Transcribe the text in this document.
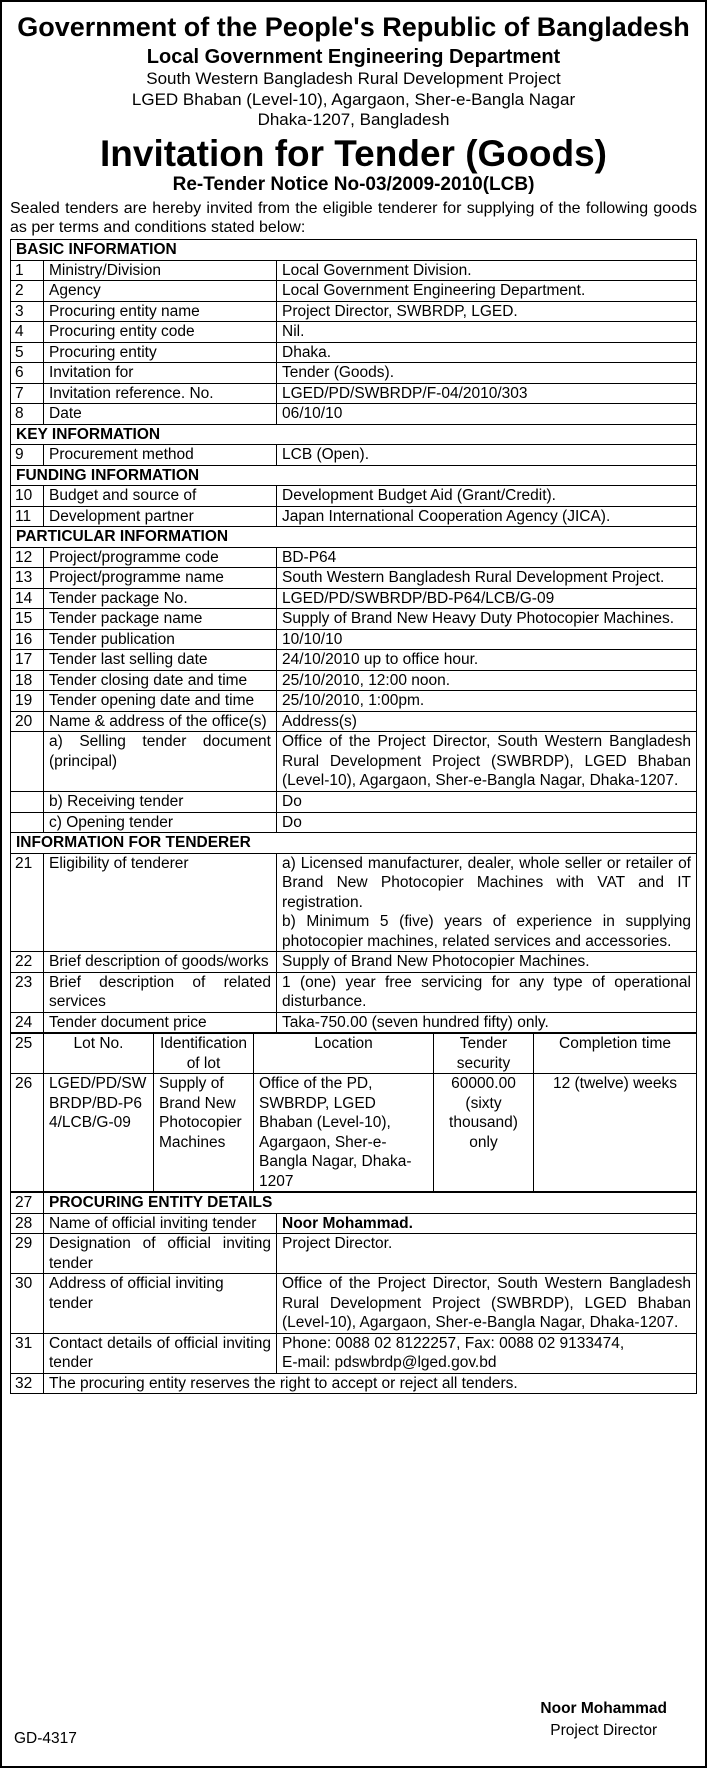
Government of the People's Republic of Bangladesh
Local Government Engineering Department
South Western Bangladesh Rural Development Project
LGED Bhaban (Level-10), Agargaon, Sher-e-Bangla Nagar
Dhaka-1207, Bangladesh
Invitation for Tender (Goods)
Re-Tender Notice No-03/2009-2010(LCB)
Sealed tenders are hereby invited from the eligible tenderer for supplying of the following goods as per terms and conditions stated below:
BASIC INFORMATION		
1	Ministry/Division	Local Government Division.
2	Agency	Local Government Engineering Department.
3	Procuring entity name	Project Director, SWBRDP, LGED.
4	Procuring entity code	Nil.
5	Procuring entity	Dhaka.
6	Invitation for	Tender (Goods).
7	Invitation reference. No.	LGED/PD/SWBRDP/F-04/2010/303
8	Date	06/10/10
KEY INFORMATION		
9	Procurement method	LCB (Open).
FUNDING INFORMATION		
10	Budget and source of	Development Budget Aid (Grant/Credit).
11	Development partner	Japan International Cooperation Agency (JICA).
PARTICULAR INFORMATION		
12	Project/programme code	BD-P64
13	Project/programme name	South Western Bangladesh Rural Development Project.
14	Tender package No.	LGED/PD/SWBRDP/BD-P64/LCB/G-09
15	Tender package name	Supply of Brand New Heavy Duty Photocopier Machines.
16	Tender publication	10/10/10
17	Tender last selling date	24/10/2010 up to office hour.
18	Tender closing date and time	25/10/2010, 12:00 noon.
19	Tender opening date and time	25/10/2010, 1:00pm.
20	Name & address of the office(s)	Address(s)
	a) Selling tender document (principal)	Office of the Project Director, South Western Bangladesh Rural Development Project (SWBRDP), LGED Bhaban (Level-10), Agargaon, Sher-e-Bangla Nagar, Dhaka-1207.
	b) Receiving tender	Do
	c) Opening tender	Do
INFORMATION FOR TENDERER		
21	Eligibility of tenderer	a) Licensed manufacturer, dealer, whole seller or retailer of Brand New Photocopier Machines with VAT and IT registration.
b) Minimum 5 (five) years of experience in supplying photocopier machines, related services and accessories.

22	Brief description of goods/works	Supply of Brand New Photocopier Machines.
23	Brief description of related services	1 (one) year free servicing for any type of operational disturbance.
24	Tender document price	Taka-750.00 (seven hundred fifty) only.
25	Lot No.	Identification of lot	Location	Tender security	Completion time
26	LGED/PD/SWBRDP/BD-P64/LCB/G-09	Supply of Brand New Photocopier Machines	Office of the PD, SWBRDP, LGED Bhaban (Level-10), Agargaon, Sher-e-Bangla Nagar, Dhaka-1207	60000.00 (sixty thousand) only	12 (twelve) weeks
27	PROCURING ENTITY DETAILS	
28	Name of official inviting tender	Noor Mohammad.
29	Designation of official inviting tender	Project Director.
30	Address of official inviting tender	Office of the Project Director, South Western Bangladesh Rural Development Project (SWBRDP), LGED Bhaban (Level-10), Agargaon, Sher-e-Bangla Nagar, Dhaka-1207.
31	Contact details of official inviting tender	Phone: 0088 02 8122257, Fax: 0088 02 9133474,
E-mail: pdswbrdp@lged.gov.bd

32	The procuring entity reserves the right to accept or reject all tenders.	
GD-4317
Noor Mohammad
Project Director
